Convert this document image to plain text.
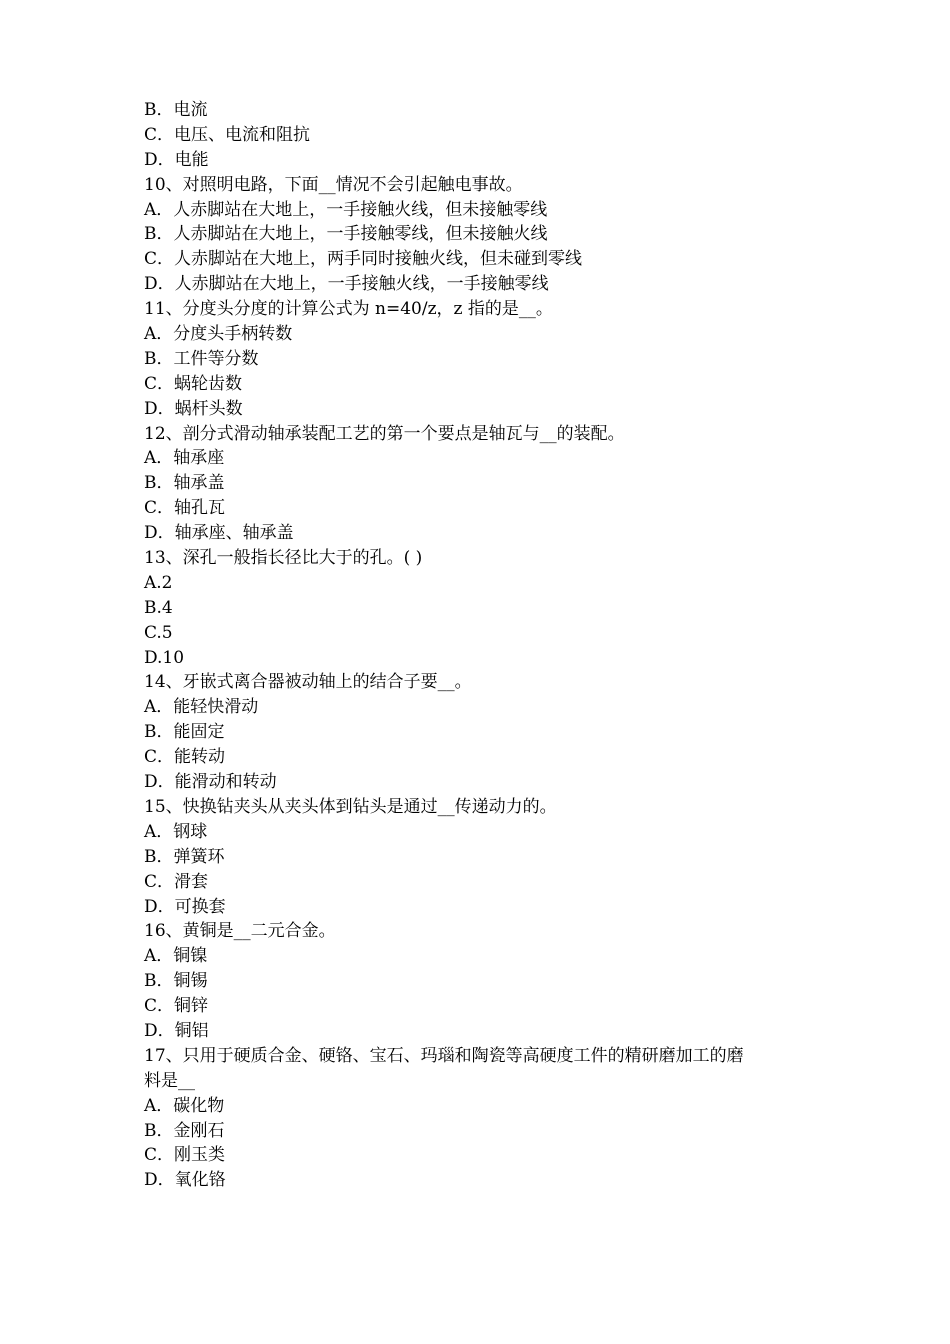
B．电流
C．电压、电流和阻抗
D．电能
10、对照明电路，下面__情况不会引起触电事故。
A．人赤脚站在大地上，一手接触火线，但未接触零线
B．人赤脚站在大地上，一手接触零线，但未接触火线
C．人赤脚站在大地上，两手同时接触火线，但未碰到零线
D．人赤脚站在大地上，一手接触火线，一手接触零线
11、分度头分度的计算公式为 n=40/z，z 指的是__。
A．分度头手柄转数
B．工件等分数
C．蜗轮齿数
D．蜗杆头数
12、剖分式滑动轴承装配工艺的第一个要点是轴瓦与__的装配。
A．轴承座
B．轴承盖
C．轴孔瓦
D．轴承座、轴承盖
13、深孔一般指长径比大于的孔。( )
A.2
B.4
C.5
D.10
14、牙嵌式离合器被动轴上的结合子要__。
A．能轻快滑动
B．能固定
C．能转动
D．能滑动和转动
15、快换钻夹头从夹头体到钻头是通过__传递动力的。
A．钢球
B．弹簧环
C．滑套
D．可换套
16、黄铜是__二元合金。
A．铜镍
B．铜锡
C．铜锌
D．铜铝
17、只用于硬质合金、硬铬、宝石、玛瑙和陶瓷等高硬度工件的精研磨加工的磨
料是__
A．碳化物
B．金刚石
C．刚玉类
D．氧化铬
